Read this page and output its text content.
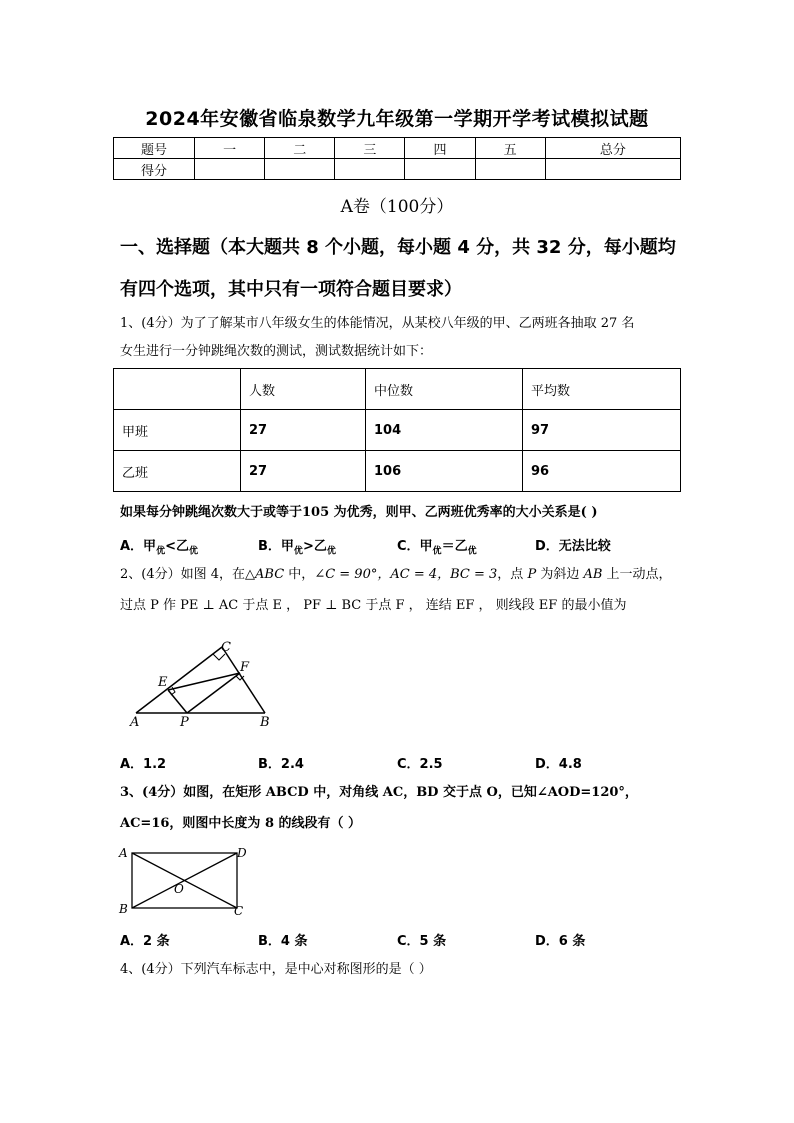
2024年安徽省临泉数学九年级第一学期开学考试模拟试题
题号	一	二	三	四	五	总分
得分						
A卷（100分）
一、选择题（本大题共 8 个小题，每小题 4 分，共 32 分，每小题均
有四个选项，其中只有一项符合题目要求）
1、(4分）为了了解某市八年级女生的体能情况，从某校八年级的甲、乙两班各抽取 27 名
女生进行一分钟跳绳次数的测试，测试数据统计如下：
	人数	中位数	平均数
甲班	27	104	97
乙班	27	106	96
如果每分钟跳绳次数大于或等于105 为优秀，则甲、乙两班优秀率的大小关系是( )
A．甲$_优$<乙$_优$	B．甲$_优$>乙$_优$	C．甲$_优$＝乙$_优$	D．无法比较
2、(4分）如图 4，在△ABC 中，∠C = 90°，AC = 4，BC = 3，点 P 为斜边 AB 上一动点，
过点 P 作 PE ⊥ AC 于点 E ， PF ⊥ BC 于点 F ， 连结 EF ， 则线段 EF 的最小值为
C
E
F
A	P	B
A．1.2	B．2.4	C．2.5	D．4.8
3、(4分）如图，在矩形 ABCD 中，对角线 AC，BD 交于点 O，已知∠AOD=120°，
AC=16，则图中长度为 8 的线段有（ ）
A	D
O
B	C
A．2 条	B．4 条	C．5 条	D．6 条
4、(4分）下列汽车标志中，是中心对称图形的是（ ）
